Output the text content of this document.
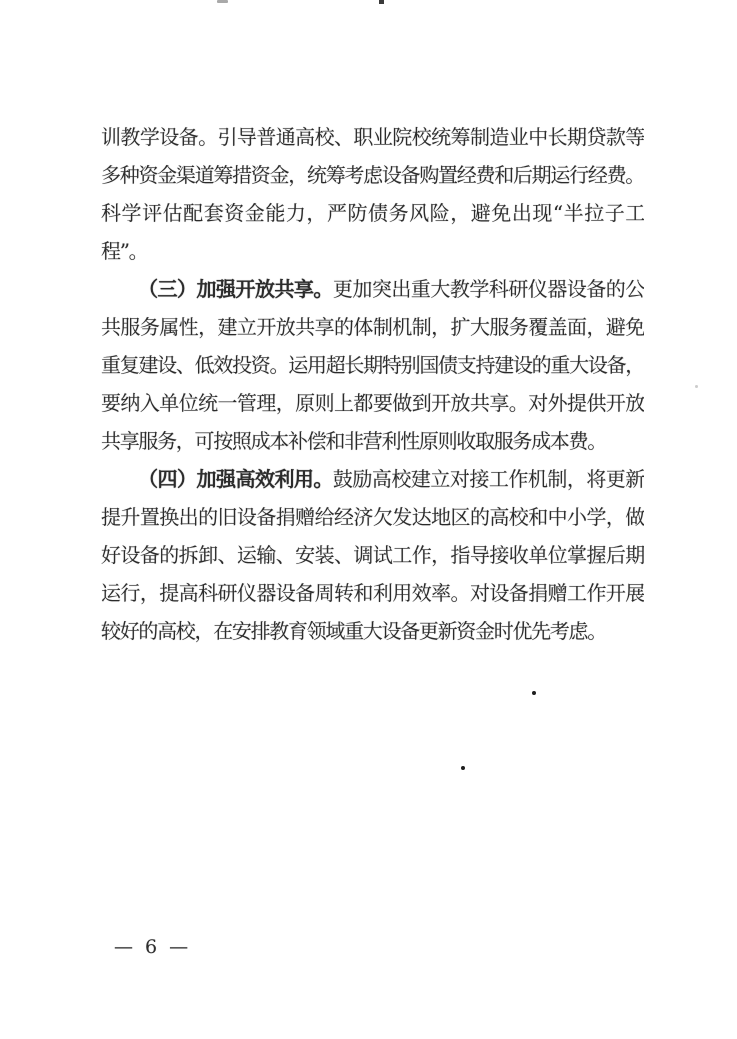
训教学设备。引导普通高校、职业院校统筹制造业中长期贷款等
多种资金渠道筹措资金，统筹考虑设备购置经费和后期运行经费。
科学评估配套资金能力，严防债务风险，避免出现“半拉子工
程”。
（三）加强开放共享。更加突出重大教学科研仪器设备的公
共服务属性，建立开放共享的体制机制，扩大服务覆盖面，避免
重复建设、低效投资。运用超长期特别国债支持建设的重大设备，
要纳入单位统一管理，原则上都要做到开放共享。对外提供开放
共享服务，可按照成本补偿和非营利性原则收取服务成本费。
（四）加强高效利用。鼓励高校建立对接工作机制，将更新
提升置换出的旧设备捐赠给经济欠发达地区的高校和中小学，做
好设备的拆卸、运输、安装、调试工作，指导接收单位掌握后期
运行，提高科研仪器设备周转和利用效率。对设备捐赠工作开展
较好的高校，在安排教育领域重大设备更新资金时优先考虑。
— 6 —
